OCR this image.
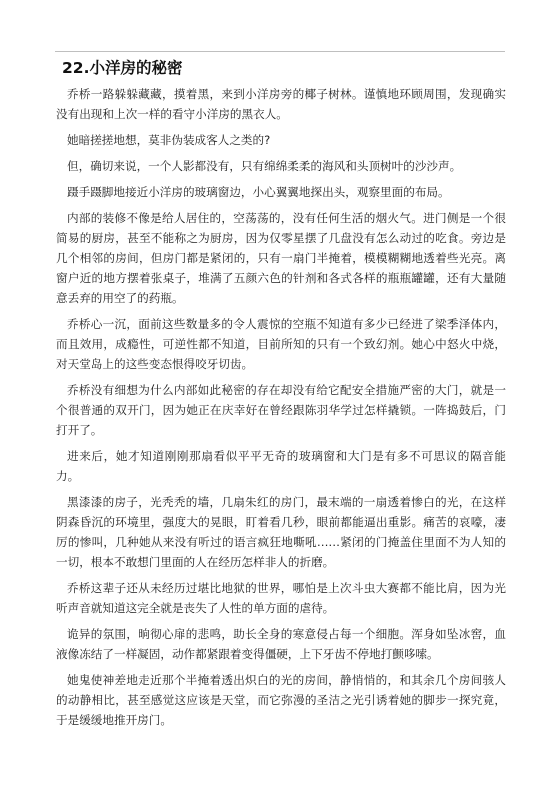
22.小洋房的秘密

乔桥一路躲躲藏藏，摸着黑，来到小洋房旁的椰子树林。谨慎地环顾周围，发现确实没有出现和上次一样的看守小洋房的黑衣人。

她暗搓搓地想，莫非伪装成客人之类的?

但，确切来说，一个人影都没有，只有绵绵柔柔的海风和头顶树叶的沙沙声。

蹑手蹑脚地接近小洋房的玻璃窗边，小心翼翼地探出头，观察里面的布局。

内部的装修不像是给人居住的，空荡荡的，没有任何生活的烟火气。进门侧是一个很简易的厨房，甚至不能称之为厨房，因为仅零星摆了几盘没有怎么动过的吃食。旁边是几个相邻的房间，但房门都是紧闭的，只有一扇门半掩着，模模糊糊地透着些光亮。离窗户近的地方摆着张桌子，堆满了五颜六色的针剂和各式各样的瓶瓶罐罐，还有大量随意丢弃的用空了的药瓶。

乔桥心一沉，面前这些数量多的令人震惊的空瓶不知道有多少已经进了梁季泽体内，而且效用，成瘾性，可逆性都不知道，目前所知的只有一个致幻剂。她心中怒火中烧，对天堂岛上的这些变态恨得咬牙切齿。

乔桥没有细想为什么内部如此秘密的存在却没有给它配安全措施严密的大门，就是一个很普通的双开门，因为她正在庆幸好在曾经跟陈羽华学过怎样撬锁。一阵捣鼓后，门打开了。

进来后，她才知道刚刚那扇看似平平无奇的玻璃窗和大门是有多不可思议的隔音能力。

黑漆漆的房子，光秃秃的墙，几扇朱红的房门，最末端的一扇透着惨白的光，在这样阴森昏沉的环境里，强度大的晃眼，盯着看几秒，眼前都能逼出重影。痛苦的哀嚎，凄厉的惨叫，几种她从来没有听过的语言疯狂地嘶吼……紧闭的门掩盖住里面不为人知的一切，根本不敢想门里面的人在经历怎样非人的折磨。

乔桥这辈子还从未经历过堪比地狱的世界，哪怕是上次斗虫大赛都不能比肩，因为光听声音就知道这完全就是丧失了人性的单方面的虐待。

诡异的氛围，晌彻心扉的悲鸣，助长全身的寒意侵占每一个细胞。浑身如坠冰窖，血液像冻结了一样凝固，动作都紧跟着变得僵硬，上下牙齿不停地打颤哆嗦。

她鬼使神差地走近那个半掩着透出炽白的光的房间，静悄悄的，和其余几个房间骇人的动静相比，甚至感觉这应该是天堂，而它弥漫的圣洁之光引诱着她的脚步一探究竟，于是缓缓地推开房门。
